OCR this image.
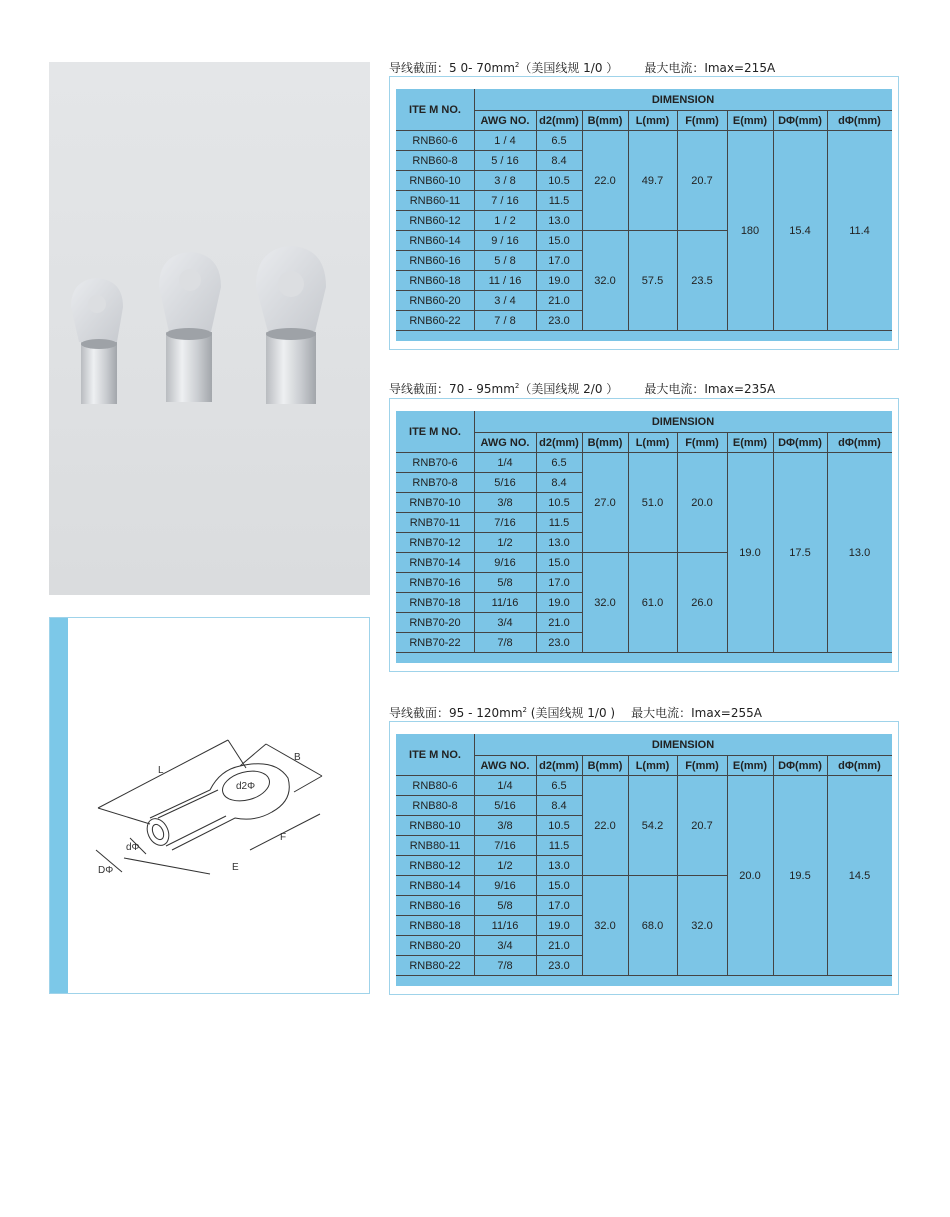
L
B
d2Φ
dΦ
DΦ
F
E
导线截面：5 0- $70mm^2$（美国线规 1/0 ） 最大电流：Imax=215A
导线截面：$70 - 95mm^2$（美国线规 2/0 ） 最大电流：Imax=235A
导线截面：$95 - 120mm^2$ (美国线规 1/0 ) 最大电流：Imax=255A
ITE M NO.
DIMENSION
AWG NO. d2(mm) B(mm)	L(mm)	F(mm)	E(mm) DΦ(mm)	dΦ(mm)
RNB60-6	1 / 4	6.5
RNB60-8	5 / 16	8.4
RNB60-10	3 / 8	10.5
RNB60-11	7 / 16	11.5
RNB60-12	1 / 2	13.0
RNB60-14	9 / 16	15.0
RNB60-16	5 / 8	17.0
RNB60-18	11 / 16	19.0
RNB60-20	3 / 4	21.0
RNB60-22	7 / 8	23.0
22.0	49.7	20.7
32.0	57.5	23.5
180	15.4	11.4
ITE M NO.
DIMENSION
AWG NO. d2(mm) B(mm)	L(mm)	F(mm)	E(mm) DΦ(mm)	dΦ(mm)
RNB70-6	1/4	6.5
RNB70-8	5/16	8.4
RNB70-10	3/8	10.5
RNB70-11	7/16	11.5
RNB70-12	1/2	13.0
RNB70-14	9/16	15.0
RNB70-16	5/8	17.0
RNB70-18	11/16	19.0
RNB70-20	3/4	21.0
RNB70-22	7/8	23.0
27.0	51.0	20.0
32.0	61.0	26.0
19.0	17.5	13.0
ITE M NO.
DIMENSION
AWG NO. d2(mm) B(mm)	L(mm)	F(mm)	E(mm) DΦ(mm)	dΦ(mm)
RNB80-6	1/4	6.5
RNB80-8	5/16	8.4
RNB80-10	3/8	10.5
RNB80-11	7/16	11.5
RNB80-12	1/2	13.0
RNB80-14	9/16	15.0
RNB80-16	5/8	17.0
RNB80-18	11/16	19.0
RNB80-20	3/4	21.0
RNB80-22	7/8	23.0
22.0	54.2	20.7
32.0	68.0	32.0
20.0	19.5	14.5
